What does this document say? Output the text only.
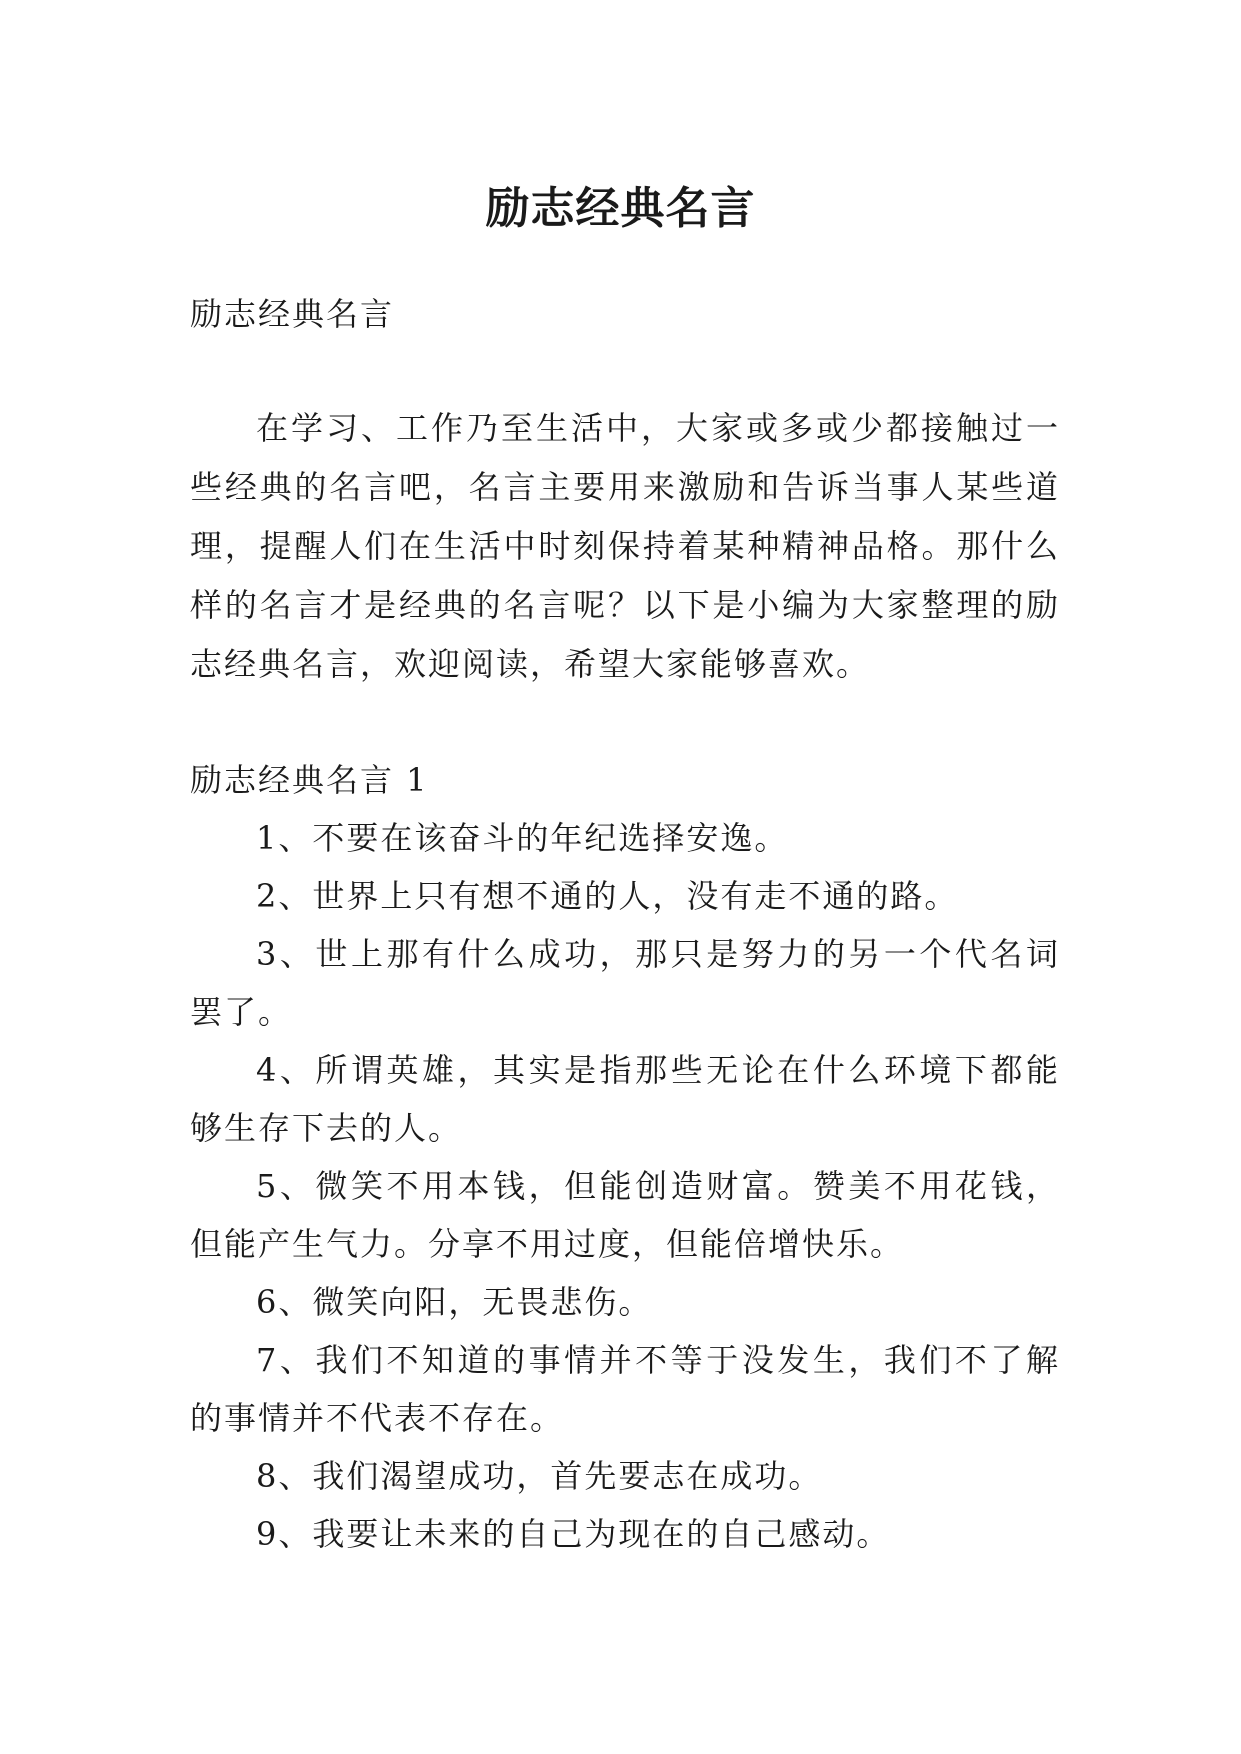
励志经典名言

励志经典名言

在学习、工作乃至生活中，大家或多或少都接触过一些经典的名言吧，名言主要用来激励和告诉当事人某些道理，提醒人们在生活中时刻保持着某种精神品格。那什么样的名言才是经典的名言呢？以下是小编为大家整理的励志经典名言，欢迎阅读，希望大家能够喜欢。

励志经典名言 1

1、不要在该奋斗的年纪选择安逸。
2、世界上只有想不通的人，没有走不通的路。
3、世上那有什么成功，那只是努力的另一个代名词罢了。
4、所谓英雄，其实是指那些无论在什么环境下都能够生存下去的人。
5、微笑不用本钱，但能创造财富。赞美不用花钱，但能产生气力。分享不用过度，但能倍增快乐。
6、微笑向阳，无畏悲伤。
7、我们不知道的事情并不等于没发生，我们不了解的事情并不代表不存在。
8、我们渴望成功，首先要志在成功。
9、我要让未来的自己为现在的自己感动。
